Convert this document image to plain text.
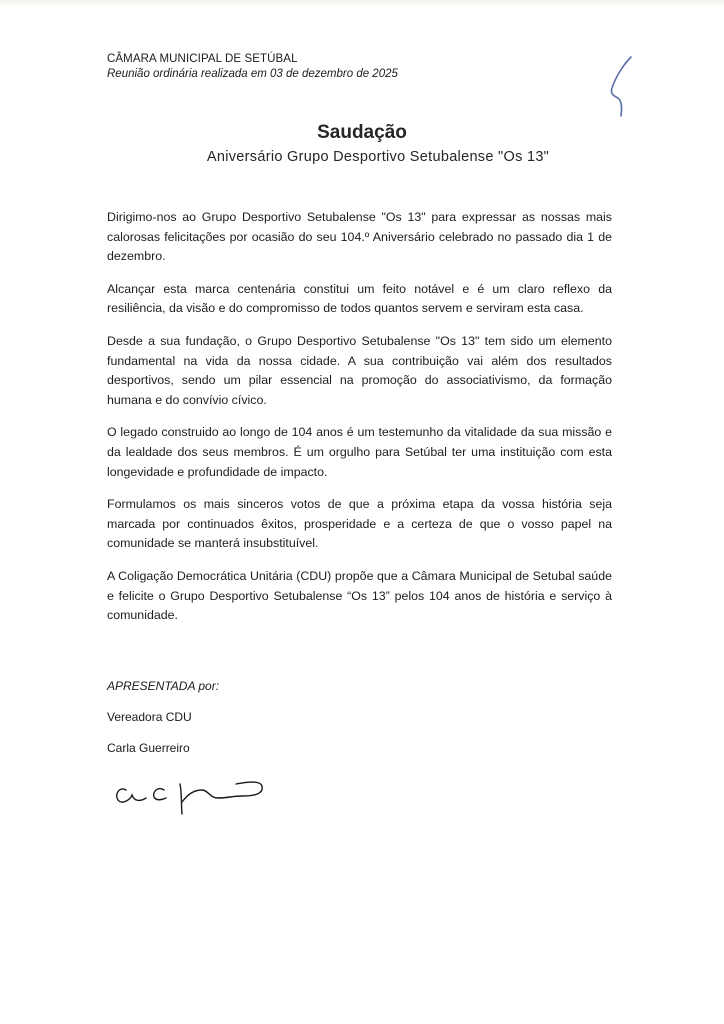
CÂMARA MUNICIPAL DE SETÚBAL
Reunião ordinária realizada em 03 de dezembro de 2025
Saudação
Aniversário Grupo Desportivo Setubalense "Os 13"

Dirigimo-nos ao Grupo Desportivo Setubalense "Os 13" para expressar as nossas mais calorosas felicitações por ocasião do seu 104.º Aniversário celebrado no passado dia 1 de dezembro.

Alcançar esta marca centenária constitui um feito notável e é um claro reflexo da resiliência, da visão e do compromisso de todos quantos servem e serviram esta casa.

Desde a sua fundação, o Grupo Desportivo Setubalense "Os 13" tem sido um elemento fundamental na vida da nossa cidade. A sua contribuição vai além dos resultados desportivos, sendo um pilar essencial na promoção do associativismo, da formação humana e do convívio cívico.

O legado construido ao longo de 104 anos é um testemunho da vitalidade da sua missão e da lealdade dos seus membros. É um orgulho para Setúbal ter uma instituição com esta longevidade e profundidade de impacto.

Formulamos os mais sinceros votos de que a próxima etapa da vossa história seja marcada por continuados êxitos, prosperidade e a certeza de que o vosso papel na comunidade se manterá insubstituível.

A Coligação Democrática Unitária (CDU) propõe que a Câmara Municipal de Setubal saúde e felicite o Grupo Desportivo Setubalense “Os 13” pelos 104 anos de história e serviço à comunidade.

APRESENTADA por:
Vereadora CDU
Carla Guerreiro
